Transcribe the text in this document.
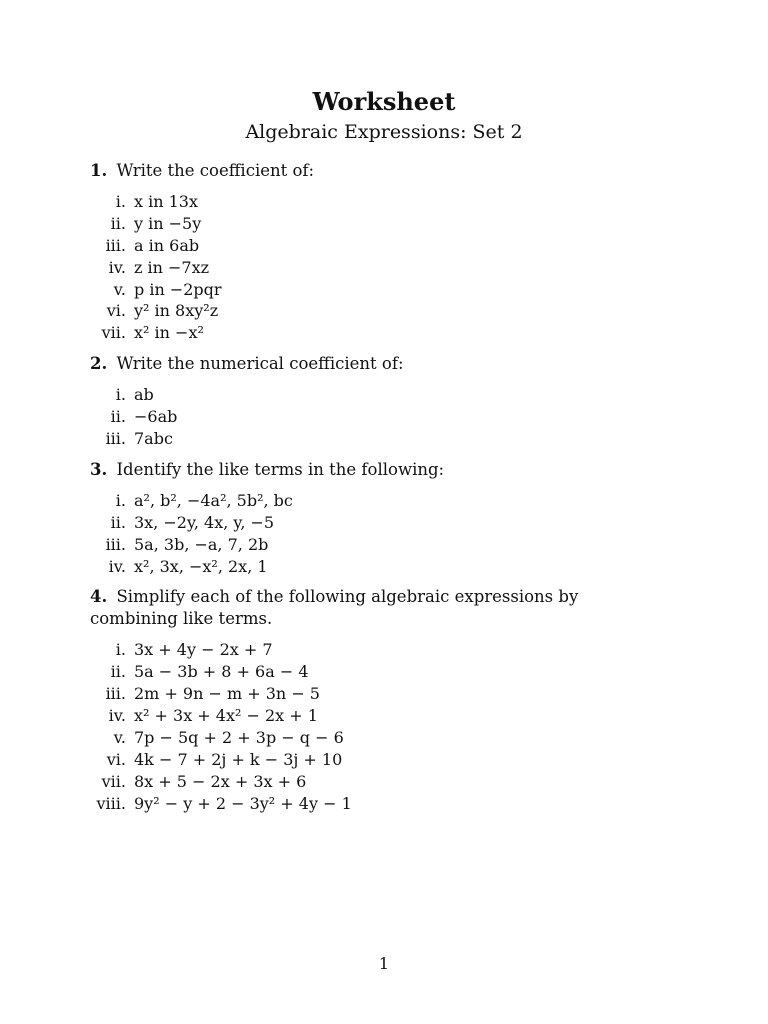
Worksheet
Algebraic Expressions: Set 2

1. Write the coefficient of:

i. x in 13x
ii. y in −5y
iii. a in 6ab
iv. z in −7xz
v. p in −2pqr
vi. y² in 8xy²z
vii. x² in −x²

2. Write the numerical coefficient of:

i. ab
ii. −6ab
iii. 7abc

3. Identify the like terms in the following:

i. a², b², −4a², 5b², bc
ii. 3x, −2y, 4x, y, −5
iii. 5a, 3b, −a, 7, 2b
iv. x², 3x, −x², 2x, 1

4. Simplify each of the following algebraic expressions by combining like terms.

i. 3x + 4y − 2x + 7
ii. 5a − 3b + 8 + 6a − 4
iii. 2m + 9n − m + 3n − 5
iv. x² + 3x + 4x² − 2x + 1
v. 7p − 5q + 2 + 3p − q − 6
vi. 4k − 7 + 2j + k − 3j + 10
vii. 8x + 5 − 2x + 3x + 6
viii. 9y² − y + 2 − 3y² + 4y − 1
1
